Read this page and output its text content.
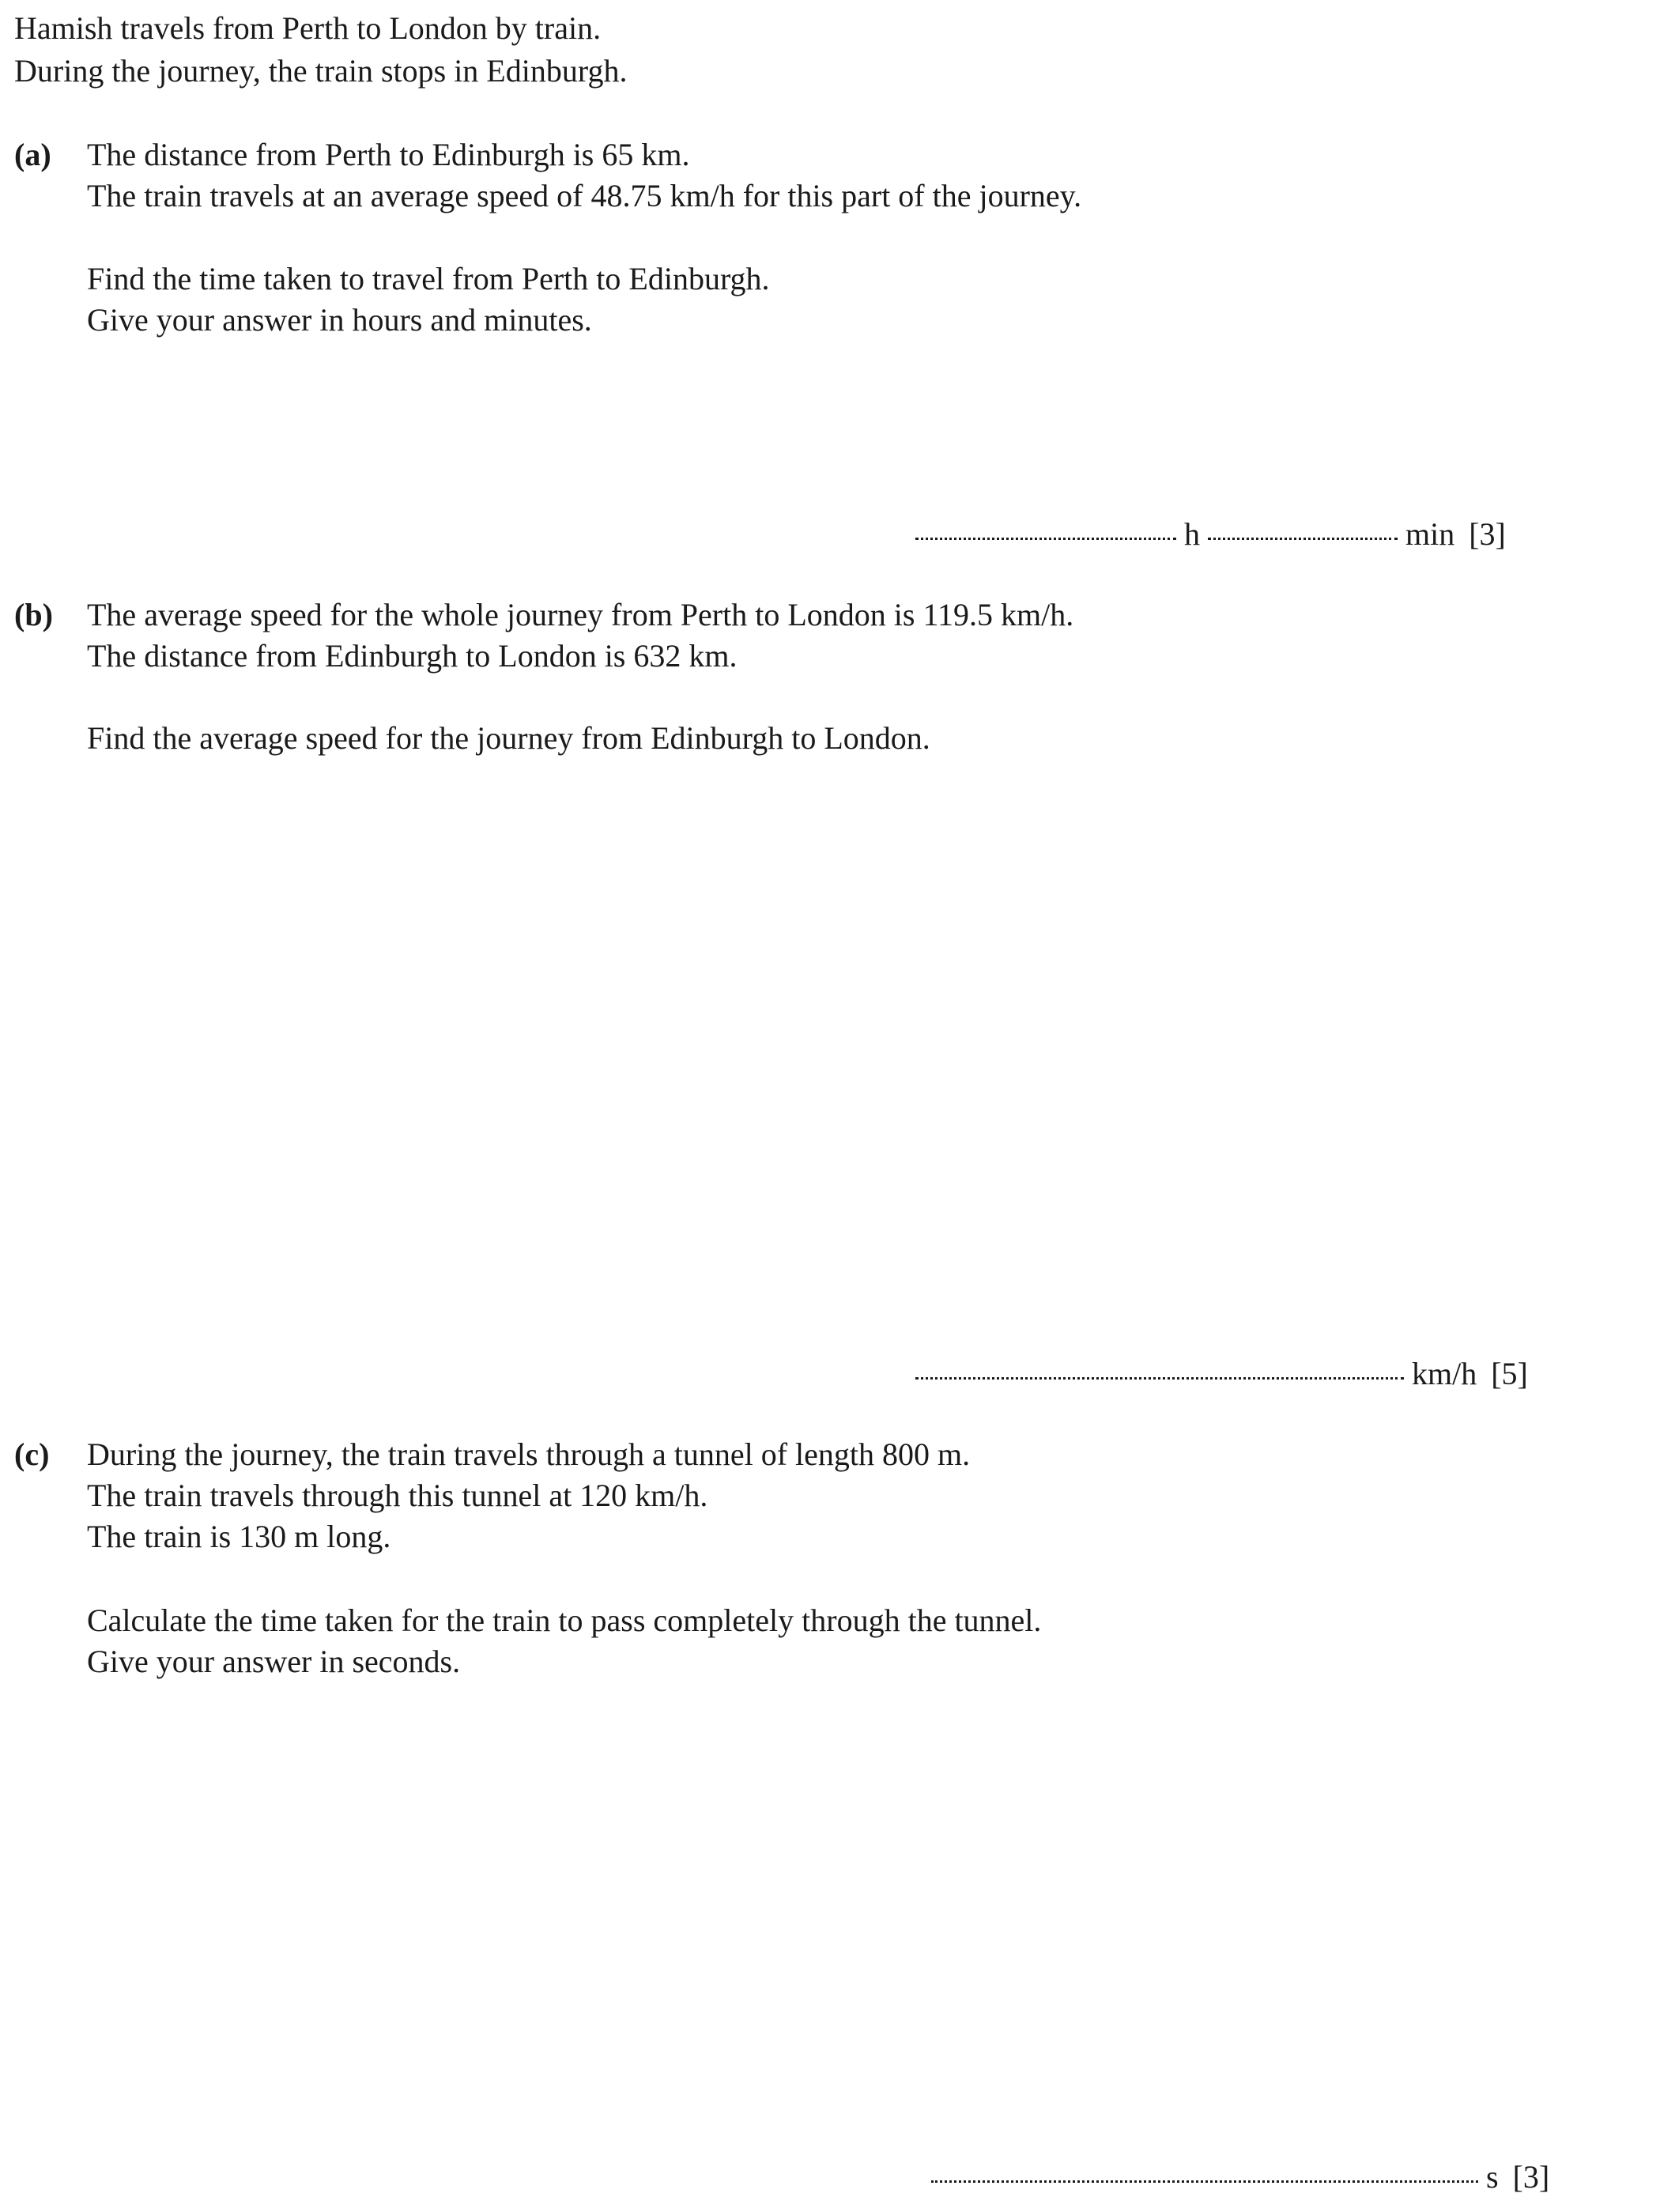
Hamish travels from Perth to London by train.
During the journey, the train stops in Edinburgh.
(a) The distance from Perth to Edinburgh is 65 km.
The train travels at an average speed of 48.75 km/h for this part of the journey.
Find the time taken to travel from Perth to Edinburgh.
Give your answer in hours and minutes.
h	min [3]
(b) The average speed for the whole journey from Perth to London is 119.5 km/h.
The distance from Edinburgh to London is 632 km.
Find the average speed for the journey from Edinburgh to London.
km/h [5]
(c) During the journey, the train travels through a tunnel of length 800 m.
The train travels through this tunnel at 120 km/h.
The train is 130 m long.
Calculate the time taken for the train to pass completely through the tunnel.
Give your answer in seconds.
s [3]
